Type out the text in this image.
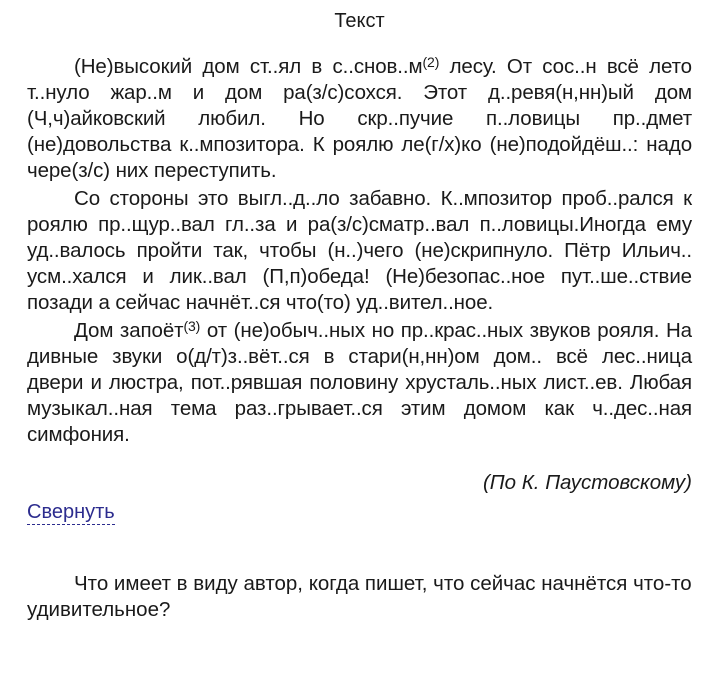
Текст

(Не)высокий дом ст..ял в $с..снов..м^{(2)}$ лесу. От сос..н всё лето т..нуло жар..м и дом ра(з/с)сохся. Этот д..ревя(н,нн)ый дом (Ч,ч)айковский любил. Но скр..пучие п..ловицы пр..дмет (не)довольства к..мпозитора. К роялю ле(г/х)ко (не)подойдёш..: надо чере(з/с) них переступить.

Со стороны это выгл..д..ло забавно. К..мпозитор проб..рался к роялю пр..щур..вал гл..за и ра(з/с)сматр..вал п..ловицы.Иногда ему уд..валось пройти так, чтобы (н..)чего (не)скрипнуло. Пётр Ильич.. усм..хался и лик..вал (П,п)обеда! (Не)безопас..ное пут..ше..ствие позади а сейчас начнёт..ся что(то) уд..вител..ное.

Дом запоёт$^{(3)}$ от (не)обыч..ных но пр..крас..ных звуков рояля. На дивные звуки о(д/т)з..вёт..ся в стари(н,нн)ом дом.. всё лес..ница двери и люстра, пот..рявшая половину хрусталь..ных лист..ев. Любая музыкал..ная тема раз..грывает..ся этим домом как ч..дес..ная симфония.

(По К. Паустовскому)
Свернуть
Что имеет в виду автор, когда пишет, что сейчас начнётся что-то удивительное?
